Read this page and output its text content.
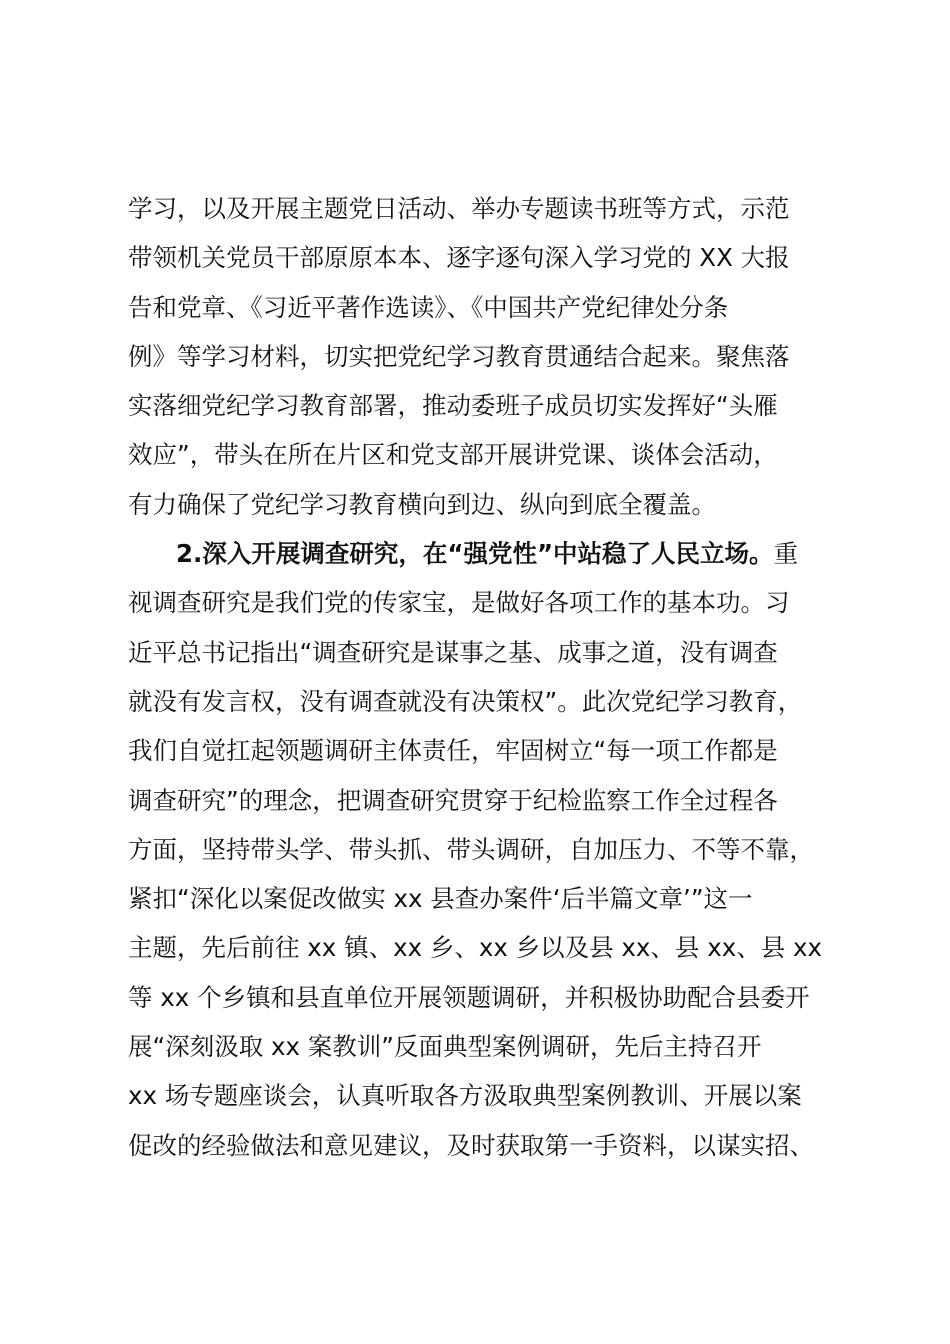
学习，以及开展主题党日活动、举办专题读书班等方式，示范
带领机关党员干部原原本本、逐字逐句深入学习党的 XX 大报
告和党章、《习近平著作选读》、《中国共产党纪律处分条
例》等学习材料，切实把党纪学习教育贯通结合起来。聚焦落
实落细党纪学习教育部署，推动委班子成员切实发挥好“头雁
效应”，带头在所在片区和党支部开展讲党课、谈体会活动，
有力确保了党纪学习教育横向到边、纵向到底全覆盖。
2.深入开展调查研究，在“强党性”中站稳了人民立场。重
视调查研究是我们党的传家宝，是做好各项工作的基本功。习
近平总书记指出“调查研究是谋事之基、成事之道，没有调查
就没有发言权，没有调查就没有决策权”。此次党纪学习教育，
我们自觉扛起领题调研主体责任，牢固树立“每一项工作都是
调查研究”的理念，把调查研究贯穿于纪检监察工作全过程各
方面，坚持带头学、带头抓、带头调研，自加压力、不等不靠，
紧扣“深化以案促改做实 xx 县查办案件‘后半篇文章’”这一
主题，先后前往 xx 镇、xx 乡、xx 乡以及县 xx、县 xx、县 xx
等 xx 个乡镇和县直单位开展领题调研，并积极协助配合县委开
展“深刻汲取 xx 案教训”反面典型案例调研，先后主持召开
xx 场专题座谈会，认真听取各方汲取典型案例教训、开展以案
促改的经验做法和意见建议，及时获取第一手资料，以谋实招、
